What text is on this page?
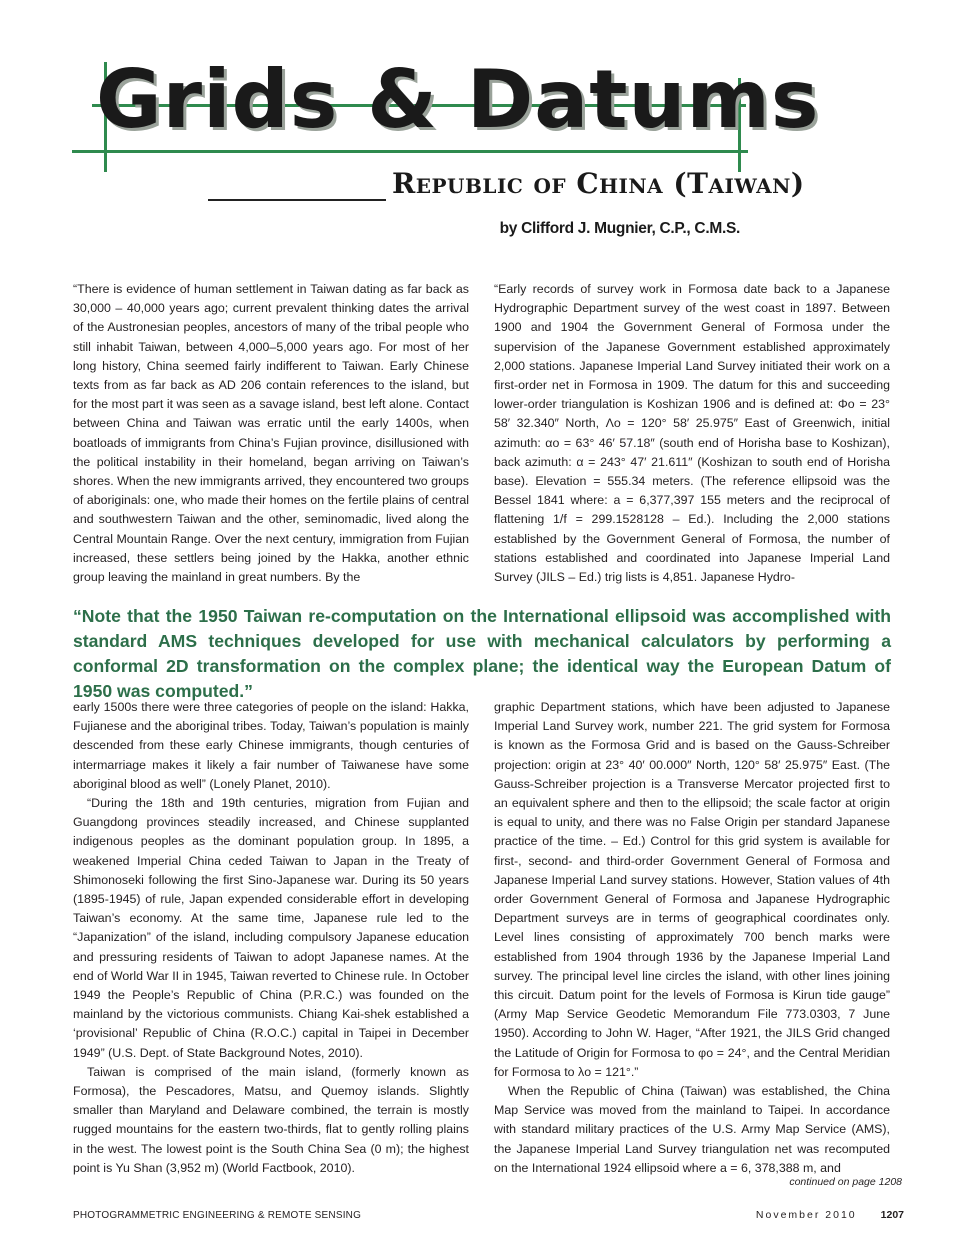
Grids & Datums
Republic of China (Taiwan)

by Clifford J. Mugnier, C.P., C.M.S.

“There is evidence of human settlement in Taiwan dating as far back as 30,000 – 40,000 years ago; current prevalent thinking dates the arrival of the Austronesian peoples, ancestors of many of the tribal people who still inhabit Taiwan, between 4,000–5,000 years ago. For most of her long history, China seemed fairly indifferent to Taiwan. Early Chinese texts from as far back as AD 206 contain references to the island, but for the most part it was seen as a savage island, best left alone. Contact between China and Taiwan was erratic until the early 1400s, when boatloads of immigrants from China’s Fujian province, disillusioned with the political instability in their homeland, began arriving on Taiwan’s shores. When the new immigrants arrived, they encountered two groups of aboriginals: one, who made their homes on the fertile plains of central and southwestern Taiwan and the other, seminomadic, lived along the Central Mountain Range. Over the next century, immigration from Fujian increased, these settlers being joined by the Hakka, another ethnic group leaving the mainland in great numbers. By the

“Early records of survey work in Formosa date back to a Japanese Hydrographic Department survey of the west coast in 1897. Between 1900 and 1904 the Government General of Formosa under the supervision of the Japanese Government established approximately 2,000 stations. Japanese Imperial Land Survey initiated their work on a first-order net in Formosa in 1909. The datum for this and succeeding lower-order triangulation is Koshizan 1906 and is defined at: Φo = 23° 58′ 32.340″ North, Λo = 120° 58′ 25.975″ East of Greenwich, initial azimuth: αo = 63° 46′ 57.18″ (south end of Horisha base to Koshizan), back azimuth: α = 243° 47′ 21.611″ (Koshizan to south end of Horisha base). Elevation = 555.34 meters. (The reference ellipsoid was the Bessel 1841 where: a = 6,377,397 155 meters and the reciprocal of flattening 1/f = 299.1528128 – Ed.). Including the 2,000 stations established by the Government General of Formosa, the number of stations established and coordinated into Japanese Imperial Land Survey (JILS – Ed.) trig lists is 4,851. Japanese Hydro-

“Note that the 1950 Taiwan re-computation on the International ellipsoid was accomplished with standard AMS techniques developed for use with mechanical calculators by performing a conformal 2D transformation on the complex plane; the identical way the European Datum of 1950 was computed.”

early 1500s there were three categories of people on the island: Hakka, Fujianese and the aboriginal tribes. Today, Taiwan’s population is mainly descended from these early Chinese immigrants, though centuries of intermarriage makes it likely a fair number of Taiwanese have some aboriginal blood as well” (Lonely Planet, 2010).

“During the 18th and 19th centuries, migration from Fujian and Guangdong provinces steadily increased, and Chinese supplanted indigenous peoples as the dominant population group. In 1895, a weakened Imperial China ceded Taiwan to Japan in the Treaty of Shimonoseki following the first Sino-Japanese war. During its 50 years (1895-1945) of rule, Japan expended considerable effort in developing Taiwan’s economy. At the same time, Japanese rule led to the “Japanization” of the island, including compulsory Japanese education and pressuring residents of Taiwan to adopt Japanese names. At the end of World War II in 1945, Taiwan reverted to Chinese rule. In October 1949 the People’s Republic of China (P.R.C.) was founded on the mainland by the victorious communists. Chiang Kai-shek established a ‘provisional’ Republic of China (R.O.C.) capital in Taipei in December 1949” (U.S. Dept. of State Background Notes, 2010).

Taiwan is comprised of the main island, (formerly known as Formosa), the Pescadores, Matsu, and Quemoy islands. Slightly smaller than Maryland and Delaware combined, the terrain is mostly rugged mountains for the eastern two-thirds, flat to gently rolling plains in the west. The lowest point is the South China Sea (0 m); the highest point is Yu Shan (3,952 m) (World Factbook, 2010).

graphic Department stations, which have been adjusted to Japanese Imperial Land Survey work, number 221. The grid system for Formosa is known as the Formosa Grid and is based on the Gauss-Schreiber projection: origin at 23° 40′ 00.000″ North, 120° 58′ 25.975″ East. (The Gauss-Schreiber projection is a Transverse Mercator projected first to an equivalent sphere and then to the ellipsoid; the scale factor at origin is equal to unity, and there was no False Origin per standard Japanese practice of the time. – Ed.) Control for this grid system is available for first-, second- and third-order Government General of Formosa and Japanese Imperial Land survey stations. However, Station values of 4th order Government General of Formosa and Japanese Hydrographic Department surveys are in terms of geographical coordinates only. Level lines consisting of approximately 700 bench marks were established from 1904 through 1936 by the Japanese Imperial Land survey. The principal level line circles the island, with other lines joining this circuit. Datum point for the levels of Formosa is Kirun tide gauge” (Army Map Service Geodetic Memorandum File 773.0303, 7 June 1950). According to John W. Hager, “After 1921, the JILS Grid changed the Latitude of Origin for Formosa to φo = 24°, and the Central Meridian for Formosa to λo = 121°.”

When the Republic of China (Taiwan) was established, the China Map Service was moved from the mainland to Taipei. In accordance with standard military practices of the U.S. Army Map Service (AMS), the Japanese Imperial Land Survey triangulation net was recomputed on the International 1924 ellipsoid where a = 6, 378,388 m, and

continued on page 1208

PHOTOGRAMMETRIC ENGINEERING & REMOTE SENSING	November 2010 1207
